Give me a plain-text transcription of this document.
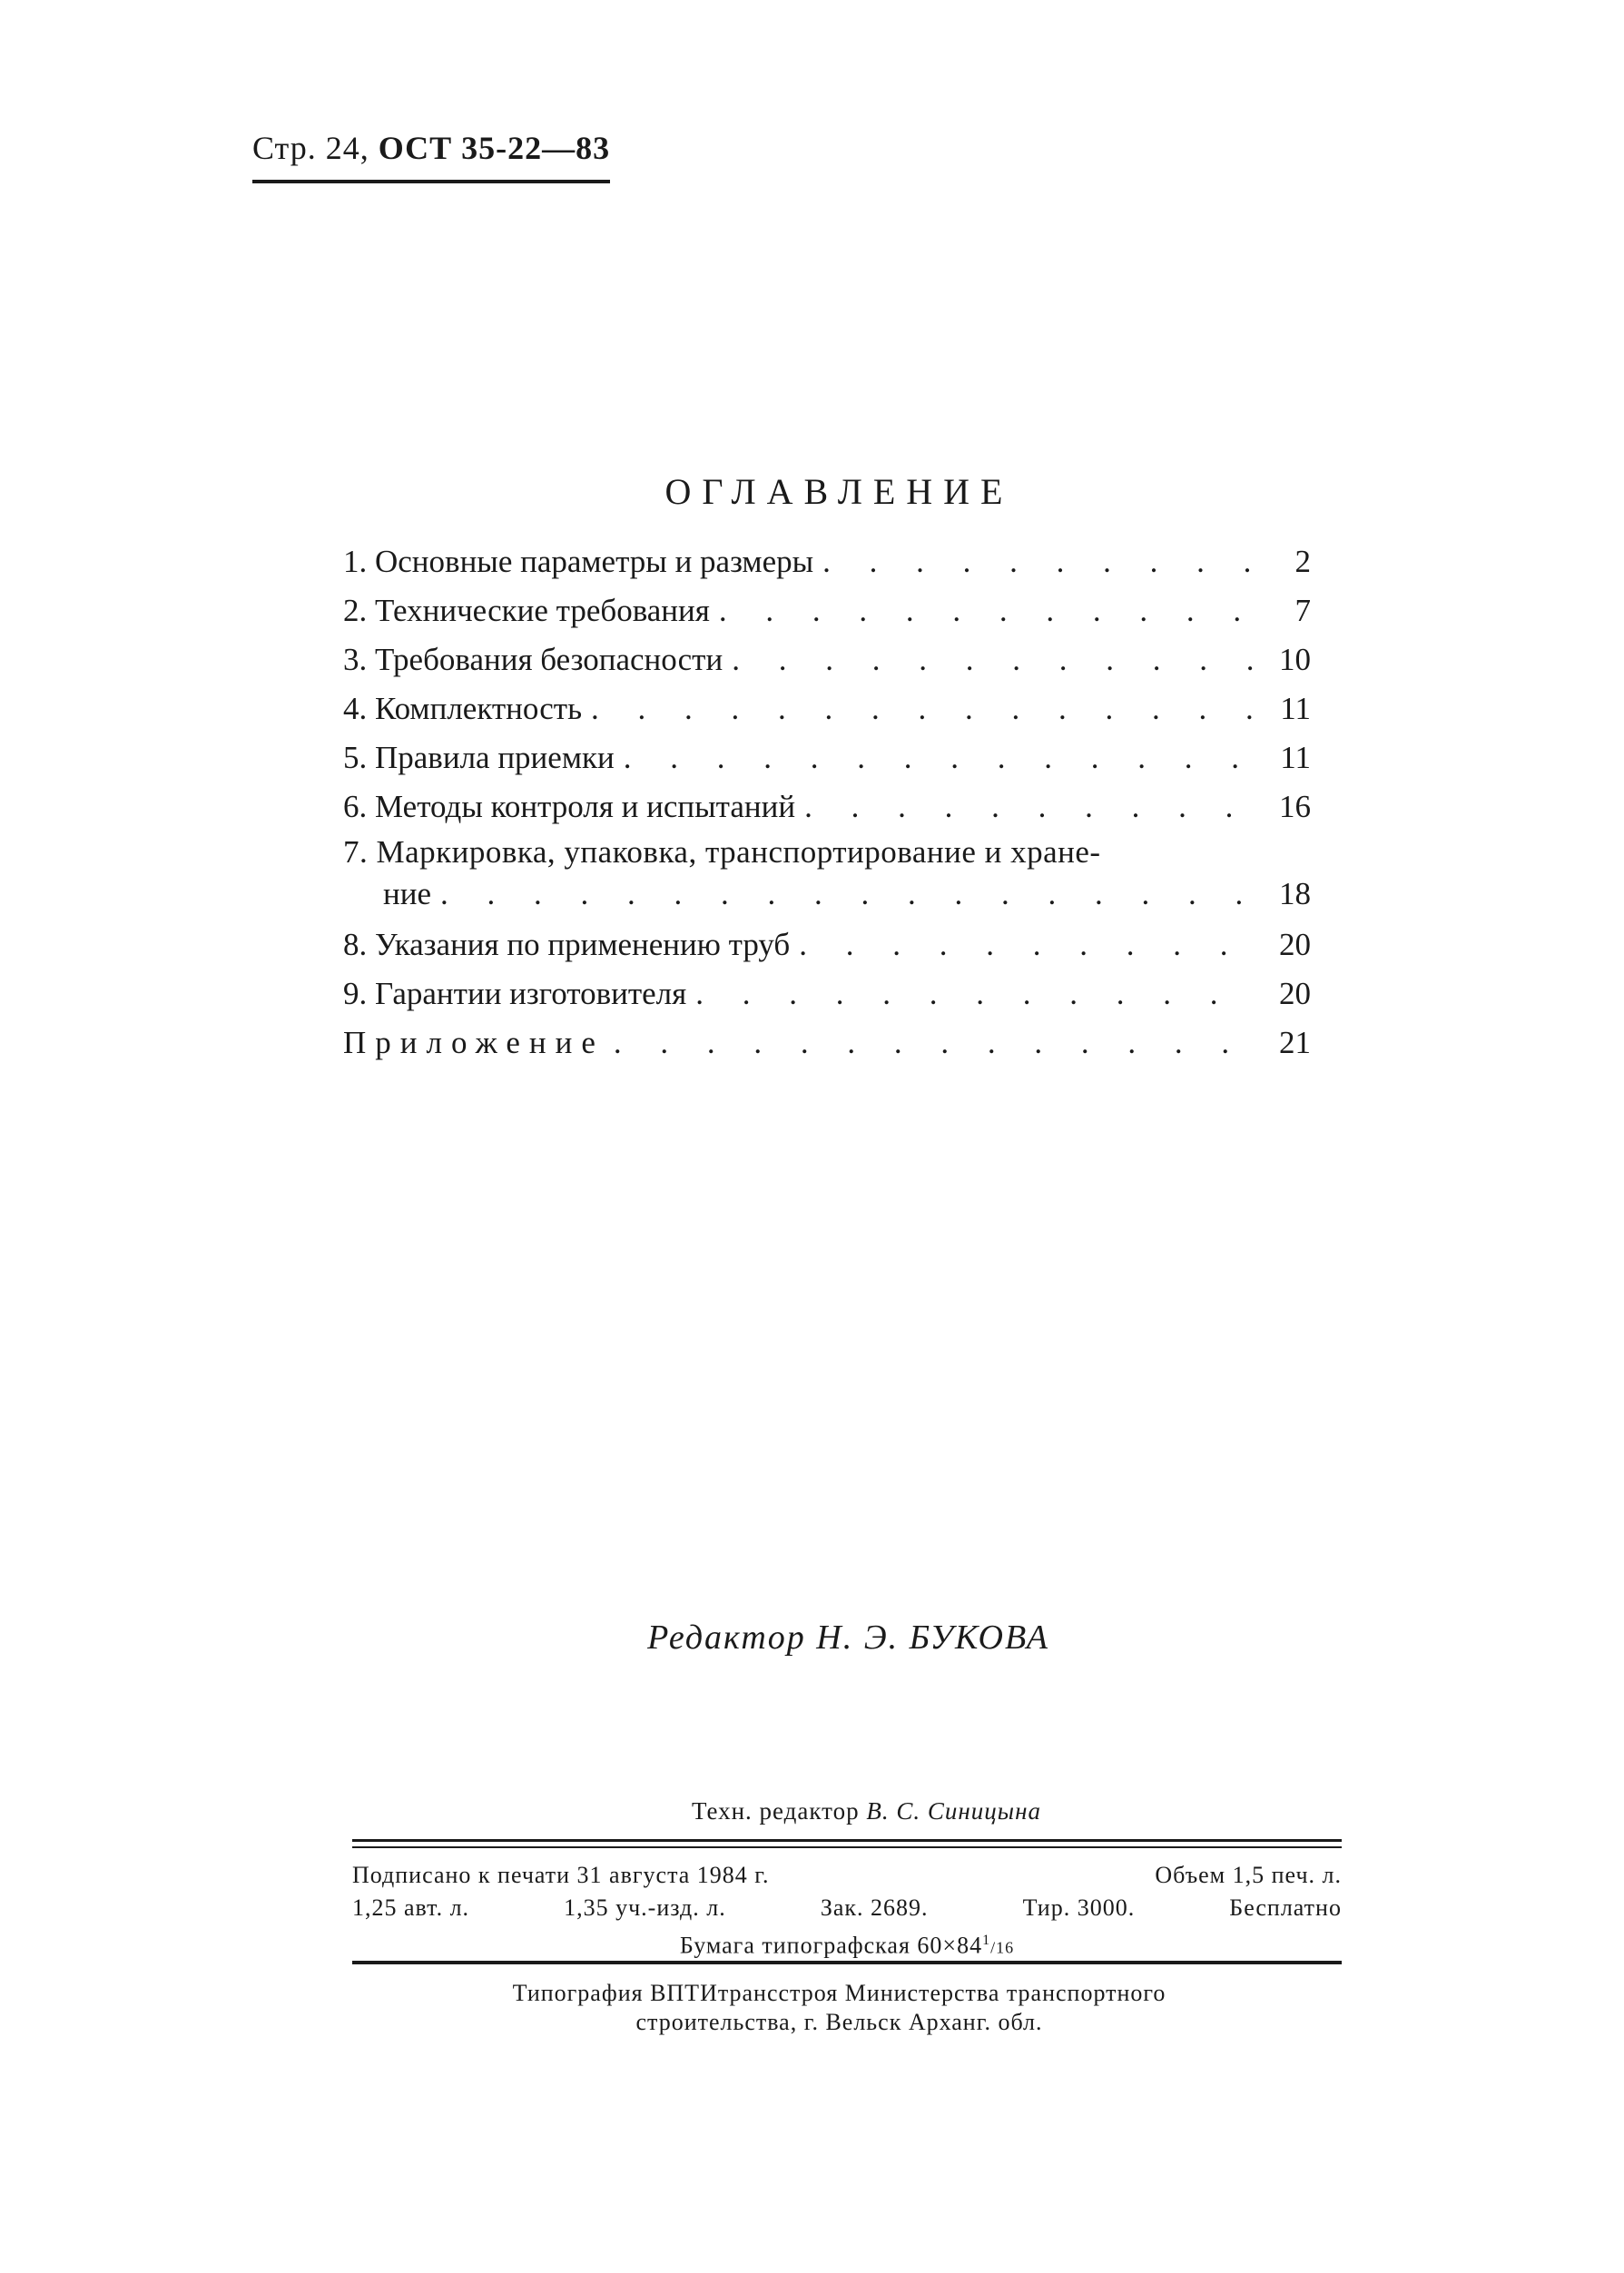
Стр. 24, ОСТ 35-22—83
ОГЛАВЛЕНИЕ
1. Основные параметры и размеры . . .	2
2. Технические требования . . .	7
3. Требования безопасности . . .	10
4. Комплектность . . .	11
5. Правила приемки . . .	11
6. Методы контроля и испытаний . . .	16
7. Маркировка, упаковка, транспортирование и хране-
ние . . .	18
8. Указания по применению труб . . .	20
9. Гарантии изготовителя . . .	20
Приложение . . .	21
Редактор Н. Э. БУКОВА
Техн. редактор В. С. Синицына
Подписано к печати 31 августа 1984 г.	Объем 1,5 печ. л.
1,25 авт. л.	1,35 уч.-изд. л.	Зак. 2689.	Тир. 3000.	Бесплатно
Бумага типографская $60\times 84^1/16$
Типография ВПТИтрансстроя Министерства транспортного
строительства, г. Вельск Арханг. обл.
